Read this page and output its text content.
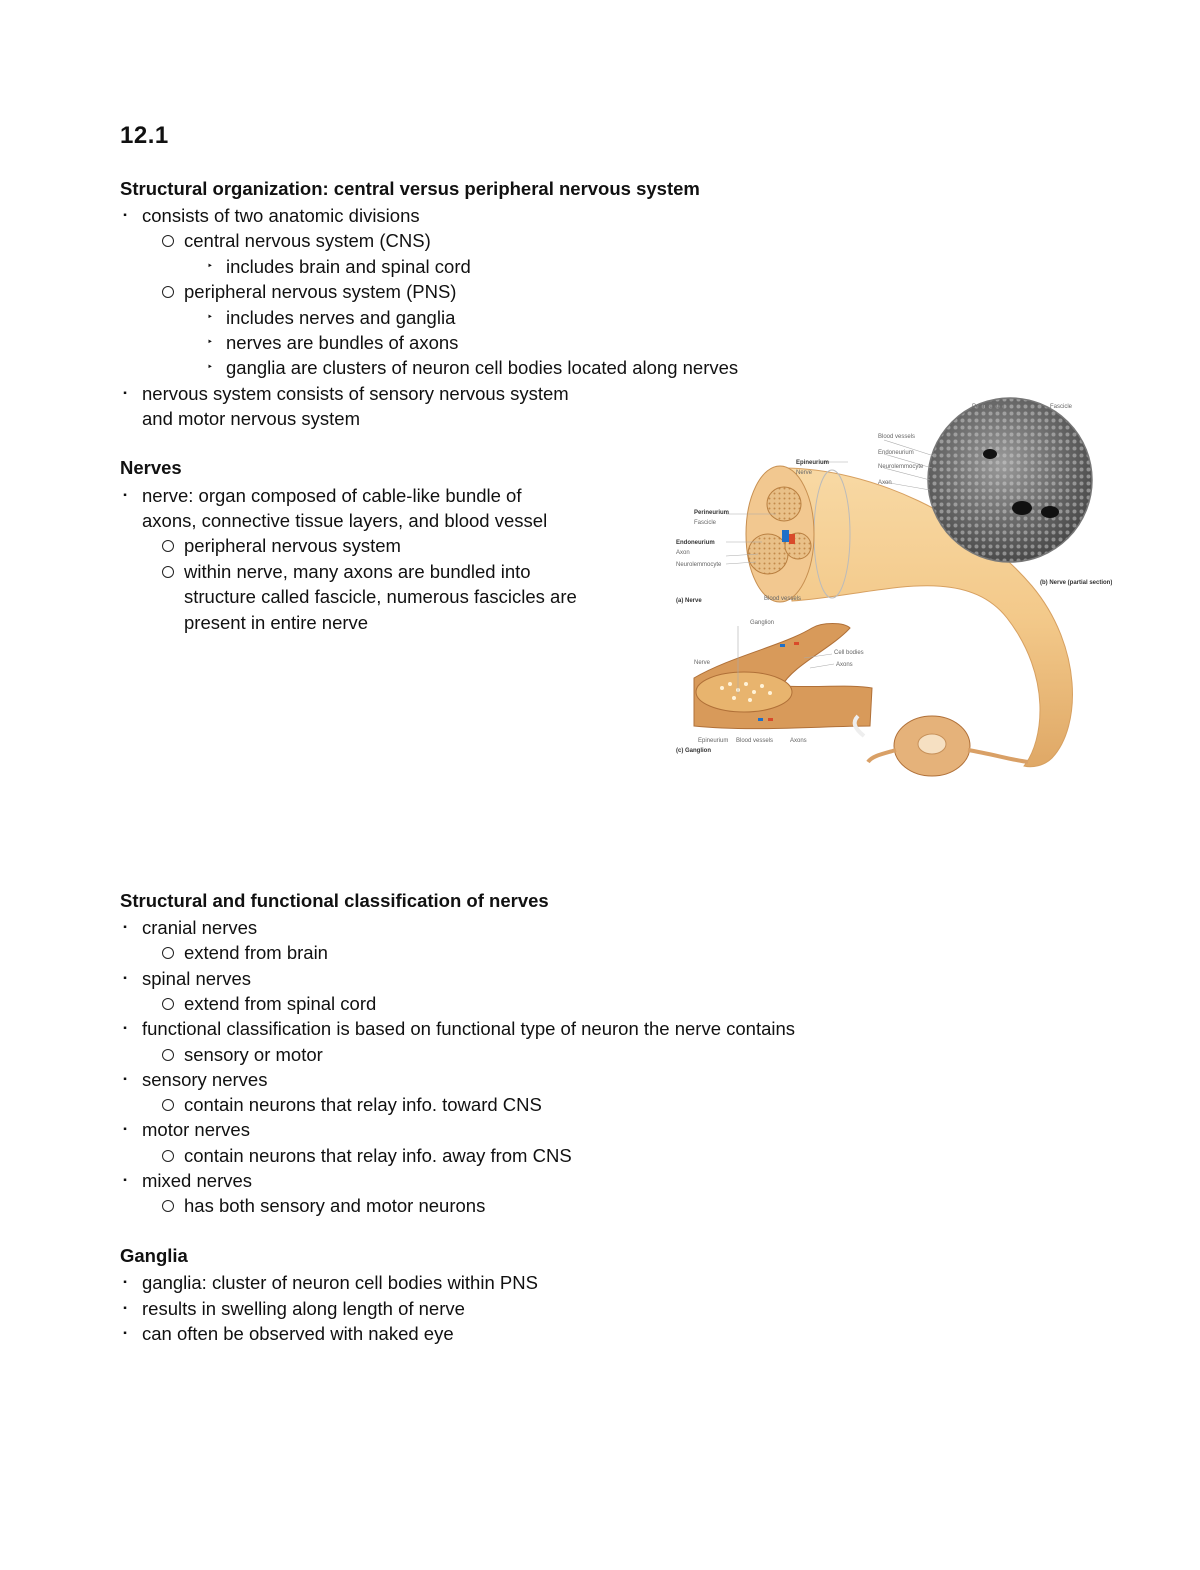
12.1
Structural organization: central versus peripheral nervous system
▪ consists of two anatomic divisions
central nervous system (CNS)
‣ includes brain and spinal cord
peripheral nervous system (PNS)
‣ includes nerves and ganglia
‣ nerves are bundles of axons
‣ ganglia are clusters of neuron cell bodies located along nerves
▪ nervous system consists of sensory nervous system
and motor nervous system
Nerves
▪ nerve: organ composed of cable-like bundle of
axons, connective tissue layers, and blood vessel
peripheral nervous system
within nerve, many axons are bundled into
structure called fascicle, numerous fascicles are
present in entire nerve
Perineurium	Fascicle
Blood vessels
Endoneurium
Neurolemmocyte
Axon
Epineurium
Nerve
Perineurium
Fascicle
Endoneurium
Axon
Neurolemmocyte
(a) Nerve	Blood vessels
(b) Nerve (partial section)
Ganglion
Cell bodies
Axons
Nerve
Epineurium Blood vessels	Axons
(c) Ganglion
Structural and functional classification of nerves
▪ cranial nerves
extend from brain
▪ spinal nerves
extend from spinal cord
▪ functional classification is based on functional type of neuron the nerve contains
sensory or motor
▪ sensory nerves
contain neurons that relay info. toward CNS
▪ motor nerves
contain neurons that relay info. away from CNS
▪ mixed nerves
has both sensory and motor neurons
Ganglia
▪ ganglia: cluster of neuron cell bodies within PNS
▪ results in swelling along length of nerve
▪ can often be observed with naked eye
